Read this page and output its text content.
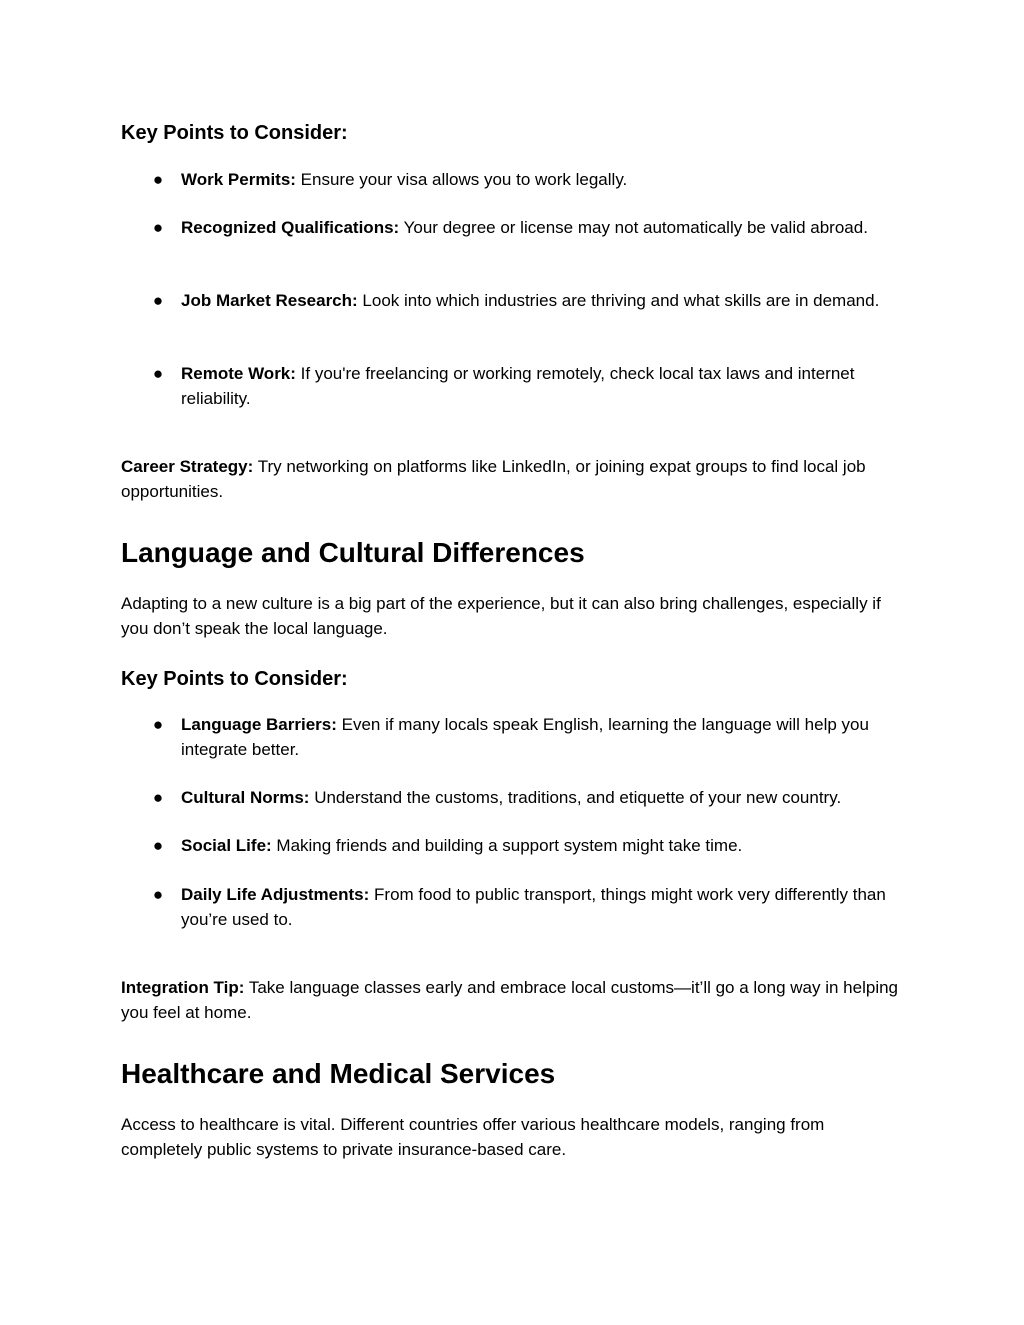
Key Points to Consider:
● Work Permits: Ensure your visa allows you to work legally.
● Recognized Qualifications: Your degree or license may not automatically be valid abroad.
● Job Market Research: Look into which industries are thriving and what skills are in demand.
● Remote Work: If you're freelancing or working remotely, check local tax laws and internet reliability.

Career Strategy: Try networking on platforms like LinkedIn, or joining expat groups to find local job opportunities.

Language and Cultural Differences

Adapting to a new culture is a big part of the experience, but it can also bring challenges, especially if you don’t speak the local language.

Key Points to Consider:
● Language Barriers: Even if many locals speak English, learning the language will help you integrate better.
● Cultural Norms: Understand the customs, traditions, and etiquette of your new country.
● Social Life: Making friends and building a support system might take time.
● Daily Life Adjustments: From food to public transport, things might work very differently than you’re used to.

Integration Tip: Take language classes early and embrace local customs—it’ll go a long way in helping you feel at home.

Healthcare and Medical Services

Access to healthcare is vital. Different countries offer various healthcare models, ranging from completely public systems to private insurance-based care.
